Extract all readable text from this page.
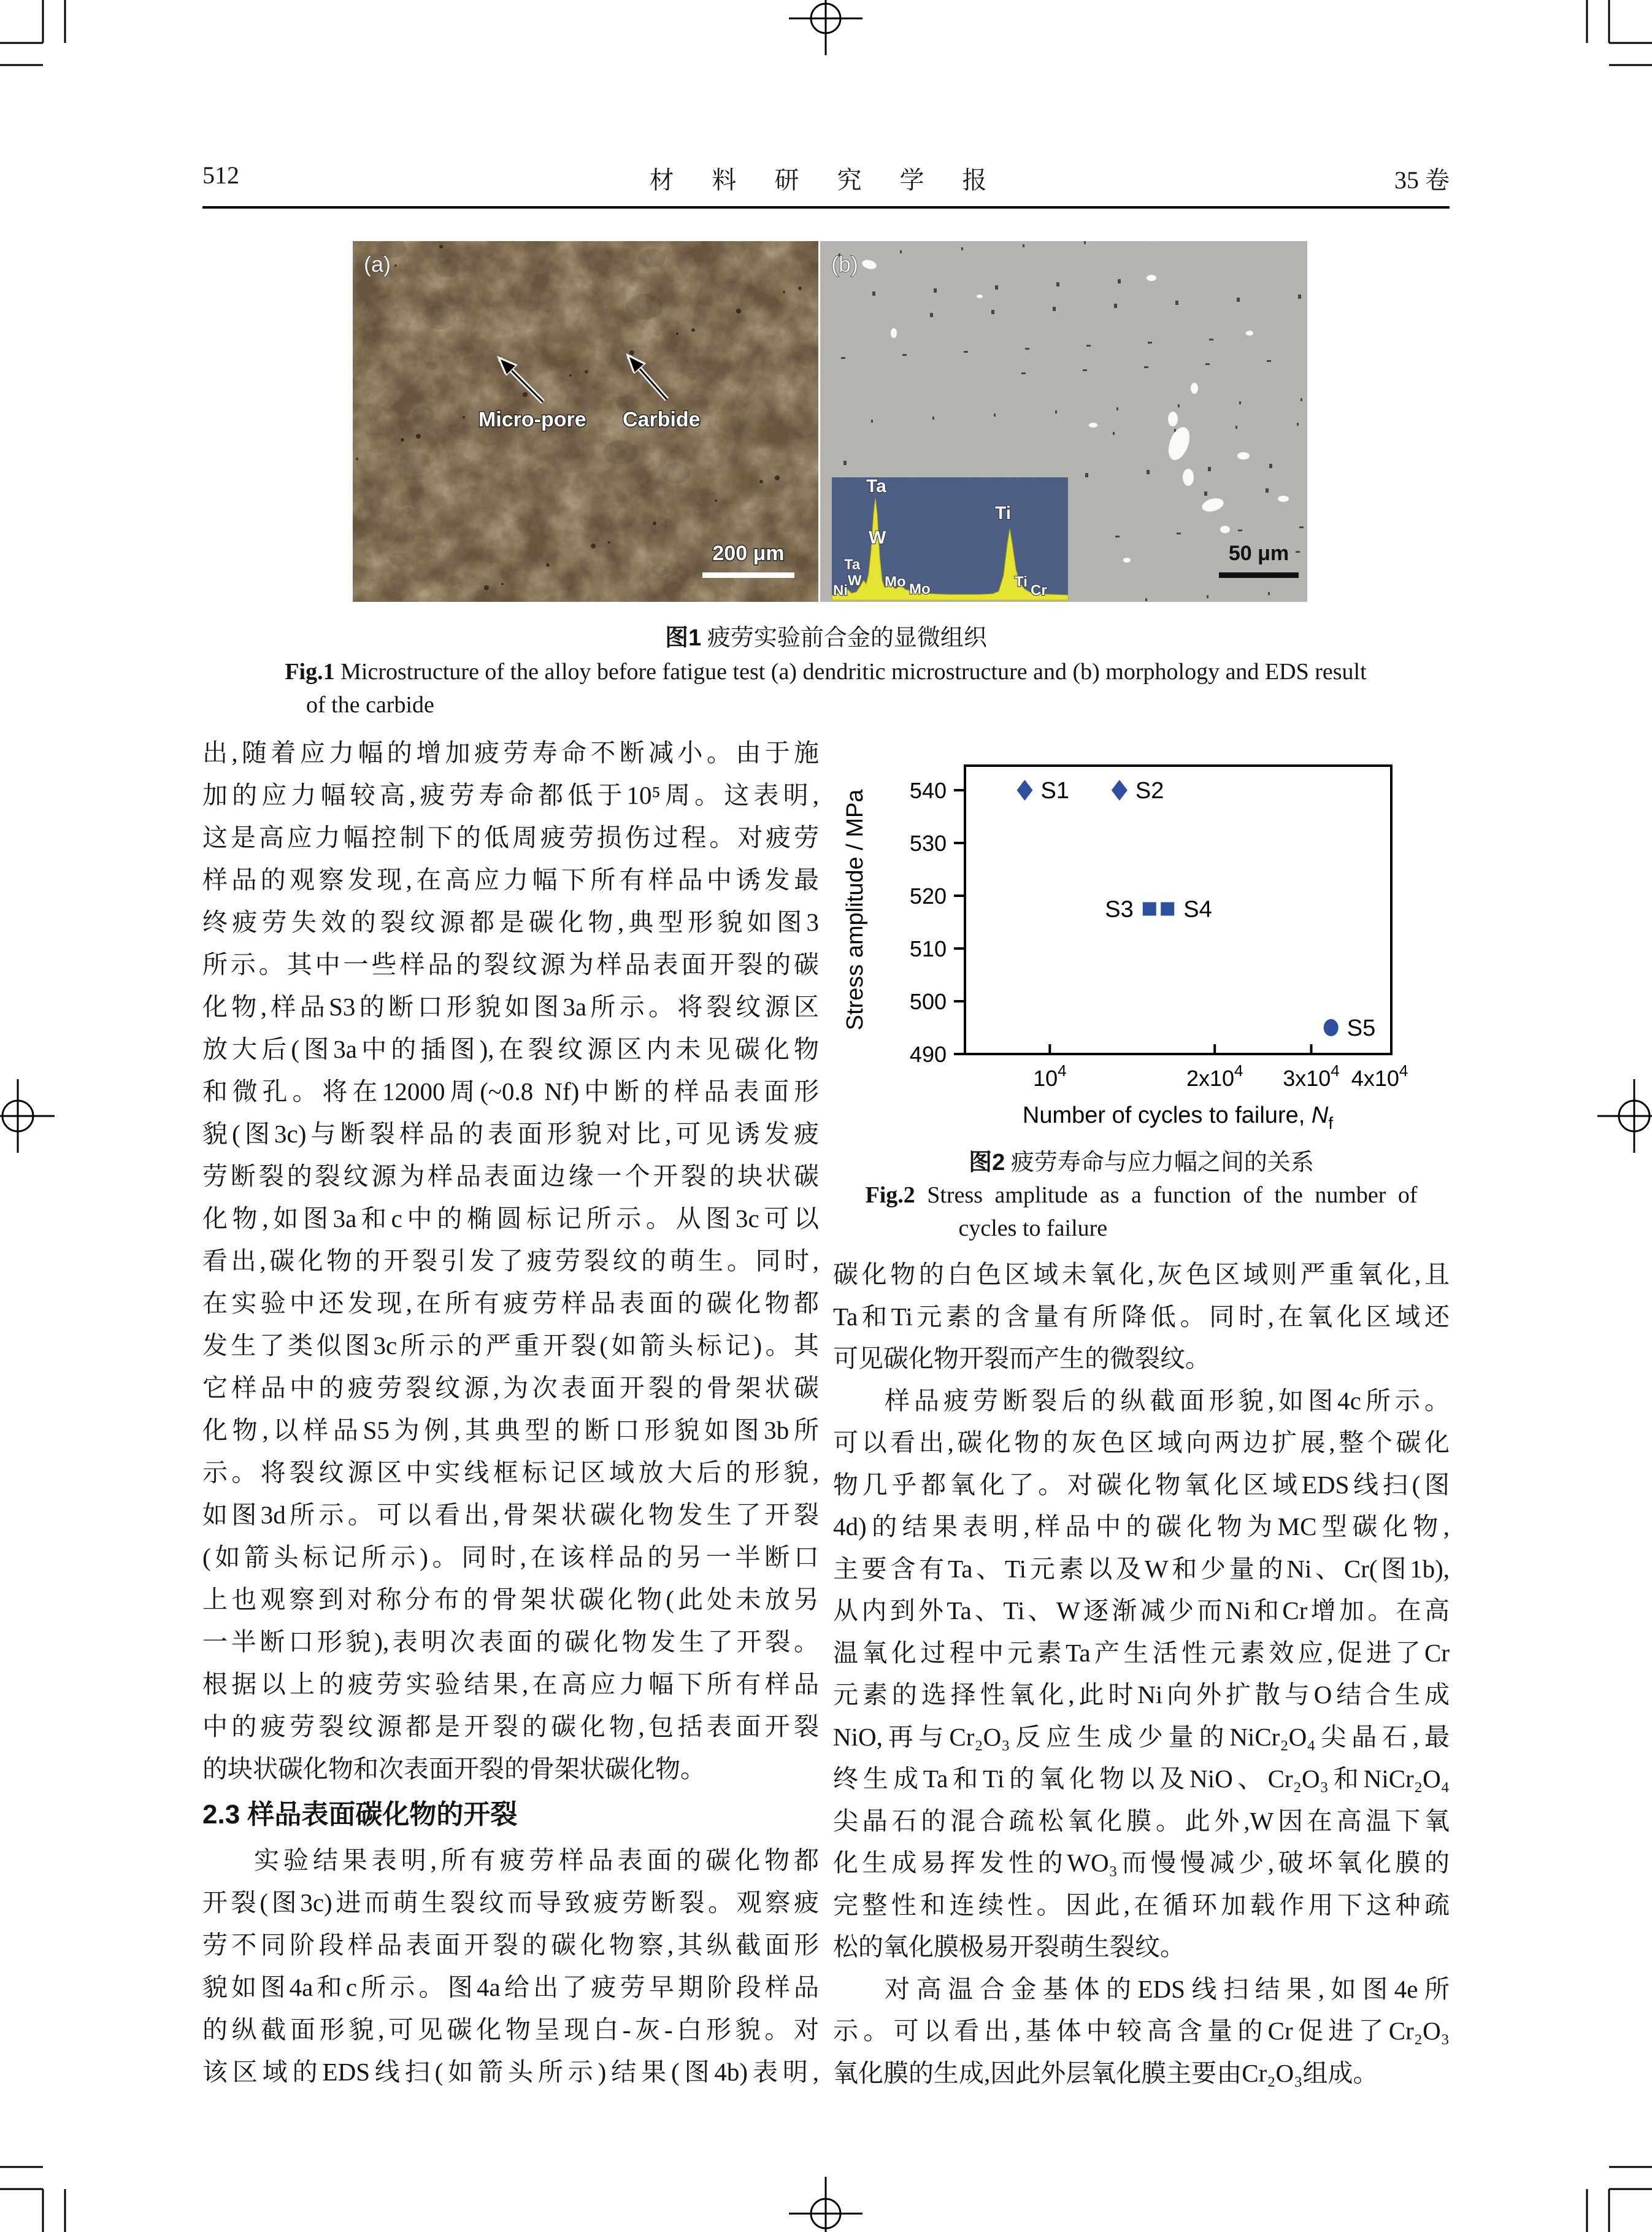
512	材 料 研 究 学 报	35 卷
Micro-pore Carbide
(a)
200 μm
(b)
Ta
W
Ti
Ni
Ta
W Mo Mo	Ti
Cr
50 μm
图1 疲劳实验前合金的显微组织
Fig.1 Microstructure of the alloy before fatigue test (a) dendritic microstructure and (b) morphology and EDS result
of the carbide
出,随着应力幅的增加疲劳寿命不断减小。由于施
加的应力幅较高,疲劳寿命都低于10⁵周。这表明,
这是高应力幅控制下的低周疲劳损伤过程。对疲劳
样品的观察发现,在高应力幅下所有样品中诱发最
终疲劳失效的裂纹源都是碳化物,典型形貌如图3
所示。其中一些样品的裂纹源为样品表面开裂的碳
化物,样品S3的断口形貌如图3a所示。将裂纹源区
放大后(图3a中的插图),在裂纹源区内未见碳化物
和微孔。将在12000周(~0.8 Nf)中断的样品表面形
貌(图3c)与断裂样品的表面形貌对比,可见诱发疲
劳断裂的裂纹源为样品表面边缘一个开裂的块状碳
化物,如图3a和c中的椭圆标记所示。从图3c可以
看出,碳化物的开裂引发了疲劳裂纹的萌生。同时,
在实验中还发现,在所有疲劳样品表面的碳化物都
发生了类似图3c所示的严重开裂(如箭头标记)。其
它样品中的疲劳裂纹源,为次表面开裂的骨架状碳
化物,以样品S5为例,其典型的断口形貌如图3b所
示。将裂纹源区中实线框标记区域放大后的形貌,
如图3d所示。可以看出,骨架状碳化物发生了开裂
(如箭头标记所示)。同时,在该样品的另一半断口
上也观察到对称分布的骨架状碳化物(此处未放另
一半断口形貌),表明次表面的碳化物发生了开裂。
根据以上的疲劳实验结果,在高应力幅下所有样品
中的疲劳裂纹源都是开裂的碳化物,包括表面开裂
的块状碳化物和次表面开裂的骨架状碳化物。
2.3 样品表面碳化物的开裂
实验结果表明,所有疲劳样品表面的碳化物都
开裂(图3c)进而萌生裂纹而导致疲劳断裂。观察疲
劳不同阶段样品表面开裂的碳化物察,其纵截面形
貌如图4a和c所示。图4a给出了疲劳早期阶段样品
的纵截面形貌,可见碳化物呈现白-灰-白形貌。对
该区域的EDS线扫(如箭头所示)结果(图4b)表明,
Stress amplitude / MPa
Number of cycles to failure, $N_f$
490
500
510
520
530
540
$10^4$	$2x10^4$ $3x10^4$ $4x10^4$
S1	S2
S3 S4
S5
图2 疲劳寿命与应力幅之间的关系
Fig.2 Stress amplitude as a function of the number of
cycles to failure
碳化物的白色区域未氧化,灰色区域则严重氧化,且
Ta和Ti元素的含量有所降低。同时,在氧化区域还
可见碳化物开裂而产生的微裂纹。
样品疲劳断裂后的纵截面形貌,如图4c所示。
可以看出,碳化物的灰色区域向两边扩展,整个碳化
物几乎都氧化了。对碳化物氧化区域EDS线扫(图
4d)的结果表明,样品中的碳化物为MC型碳化物,
主要含有Ta、Ti元素以及W和少量的Ni、Cr(图1b),
从内到外Ta、Ti、W逐渐减少而Ni和Cr增加。在高
温氧化过程中元素Ta产生活性元素效应,促进了Cr
元素的选择性氧化,此时Ni向外扩散与O结合生成
NiO,再与Cr₂O₃反应生成少量的NiCr₂O₄尖晶石,最
终生成Ta和Ti的氧化物以及NiO、Cr₂O₃和NiCr₂O₄
尖晶石的混合疏松氧化膜。此外,W因在高温下氧
化生成易挥发性的WO₃而慢慢减少,破坏氧化膜的
完整性和连续性。因此,在循环加载作用下这种疏
松的氧化膜极易开裂萌生裂纹。
对高温合金基体的EDS线扫结果,如图4e所
示。可以看出,基体中较高含量的Cr促进了Cr₂O₃
氧化膜的生成,因此外层氧化膜主要由Cr₂O₃组成。
